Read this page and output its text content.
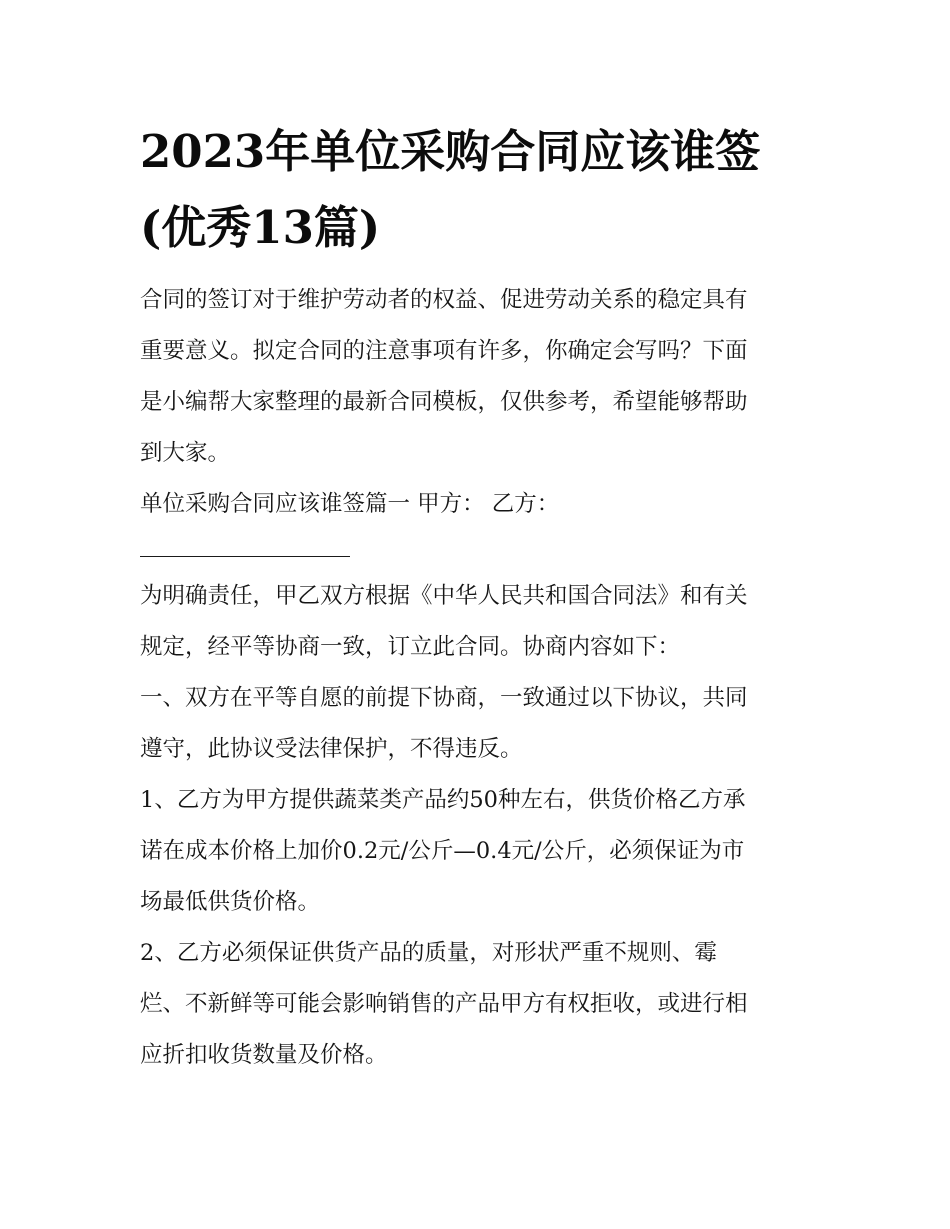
2023年单位采购合同应该谁签
(优秀13篇)

合同的签订对于维护劳动者的权益、促进劳动关系的稳定具有

重要意义。拟定合同的注意事项有许多，你确定会写吗？下面

是小编帮大家整理的最新合同模板，仅供参考，希望能够帮助

到大家。

单位采购合同应该谁签篇一 甲方： 乙方：

为明确责任，甲乙双方根据《中华人民共和国合同法》和有关

规定，经平等协商一致，订立此合同。协商内容如下：

一、双方在平等自愿的前提下协商，一致通过以下协议，共同

遵守，此协议受法律保护，不得违反。

1、乙方为甲方提供蔬菜类产品约50种左右，供货价格乙方承

诺在成本价格上加价0.2元/公斤—0.4元/公斤，必须保证为市

场最低供货价格。

2、乙方必须保证供货产品的质量，对形状严重不规则、霉

烂、不新鲜等可能会影响销售的产品甲方有权拒收，或进行相

应折扣收货数量及价格。
